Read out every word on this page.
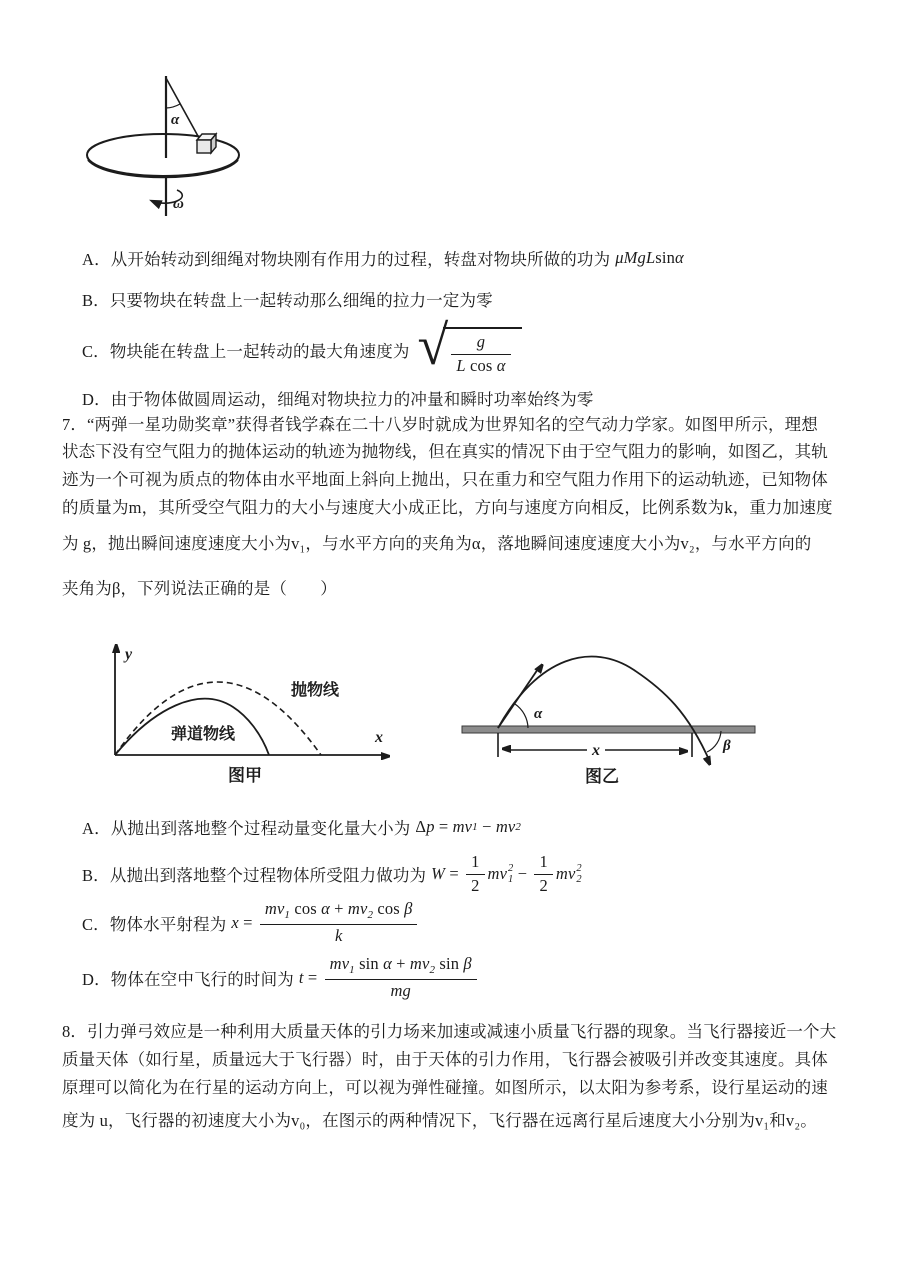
α
ω
A． 从开始转动到细绳对物块刚有作用力的过程，转盘对物块所做的功为 μMgL sin α
B． 只要物块在转盘上一起转动那么细绳的拉力一定为零
C． 物块能在转盘上一起转动的最大角速度为 √ $\frac{g}{\text{L cos α}}$
D． 由于物体做圆周运动，细绳对物块拉力的冲量和瞬时功率始终为零
7．“两弹一星功勋奖章”获得者钱学森在二十八岁时就成为世界知名的空气动力学家。如图甲所示，理想
状态下没有空气阻力的抛体运动的轨迹为抛物线，但在真实的情况下由于空气阻力的影响，如图乙，其轨
迹为一个可视为质点的物体由水平地面上斜向上抛出，只在重力和空气阻力作用下的运动轨迹，已知物体
的质量为m，其所受空气阻力的大小与速度大小成正比，方向与速度方向相反，比例系数为k，重力加速度
为 g，抛出瞬间速度速度大小为v₁，与水平方向的夹角为α，落地瞬间速度速度大小为v₂，与水平方向的
夹角为β，下列说法正确的是（　　）
y
x
抛物线
弹道物线
图甲
α
x	β
图乙
A． 从抛出到落地整个过程动量变化量大小为 Δ p = mv 1 − mv 2
B． 从抛出到落地整个过程物体所受阻力做功为 $W = \frac{1}{2}$ mv 2
$1 - \frac{1}{2}$ mv 2
2
C． 物体水平射程为 $x = \frac{mv_1 \cos \alpha + mv_2 \cos \beta}{k}$
D． 物体在空中飞行的时间为 $t = \frac{mv_1 \sin \alpha + mv_2 \sin \beta}{mg}$
8．引力弹弓效应是一种利用大质量天体的引力场来加速或减速小质量飞行器的现象。当飞行器接近一个大
质量天体（如行星，质量远大于飞行器）时，由于天体的引力作用，飞行器会被吸引并改变其速度。具体
原理可以简化为在行星的运动方向上，可以视为弹性碰撞。如图所示，以太阳为参考系，设行星运动的速
度为 u，飞行器的初速度大小为v₀，在图示的两种情况下，飞行器在远离行星后速度大小分别为v₁和v₂。
